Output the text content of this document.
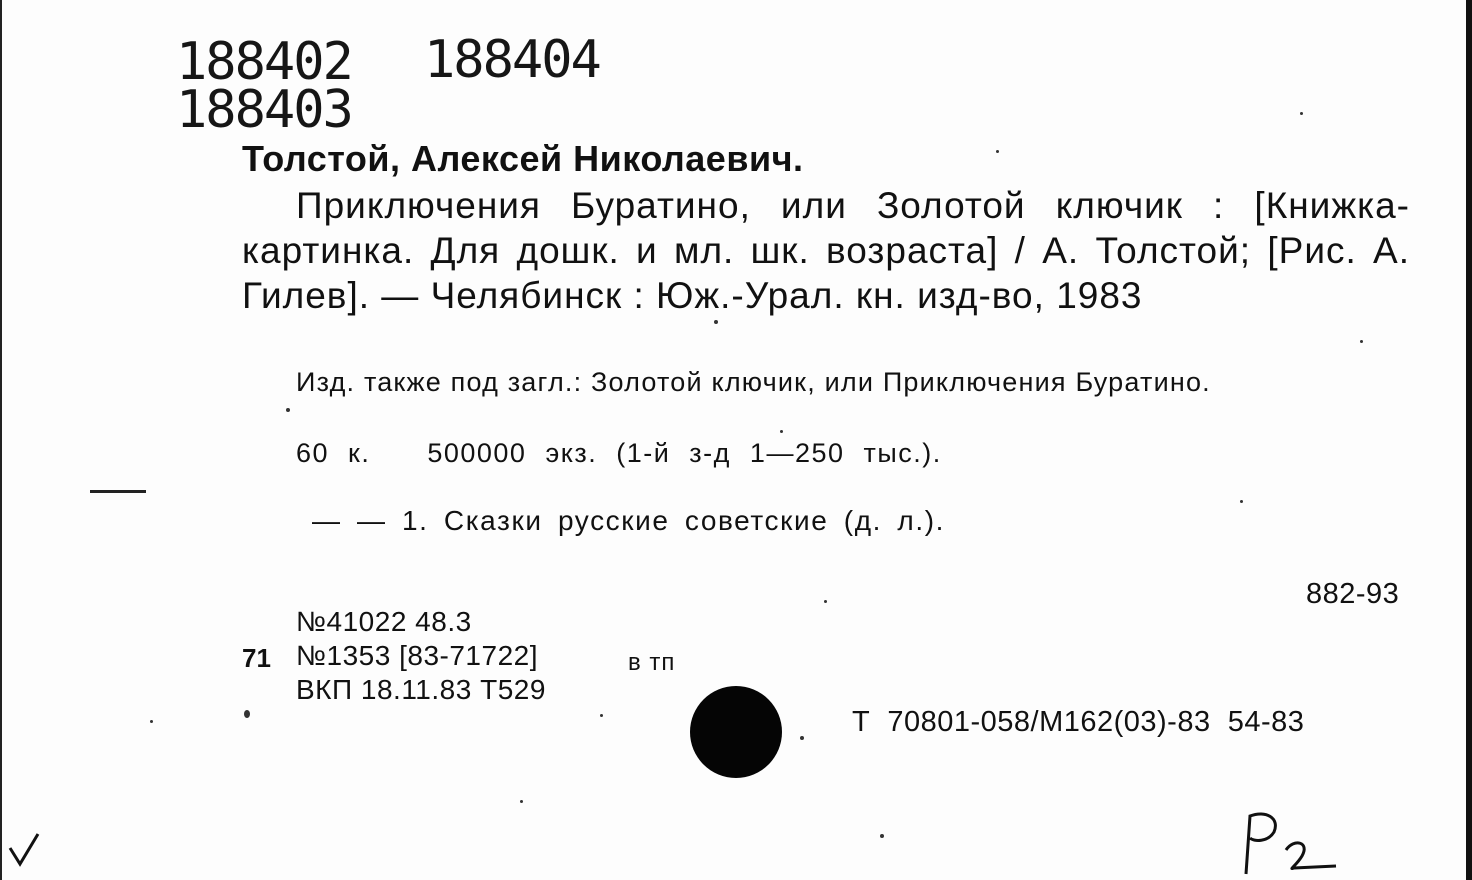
188402 188404
188403
Толстой, Алексей Николаевич.

Приключения Буратино, или Золотой ключик : [Книжка-картинка. Для дошк. и мл. шк. возраста] / А. Толстой; [Рис. А. Гилев]. — Челябинск : Юж.-Урал. кн. изд-во, 1983

Изд. также под загл.: Золотой ключик, или Приключения Буратино.

60 к.   500000 экз. (1-й з-д 1—250 тыс.).
— — 1. Сказки русские советские (д. л.).
882-93
71
№41022 48.3
№1353 [83-71722]	в тп
ВКП 18.11.83 Т529
Т  70801-058/М162(03)-83  54-83
